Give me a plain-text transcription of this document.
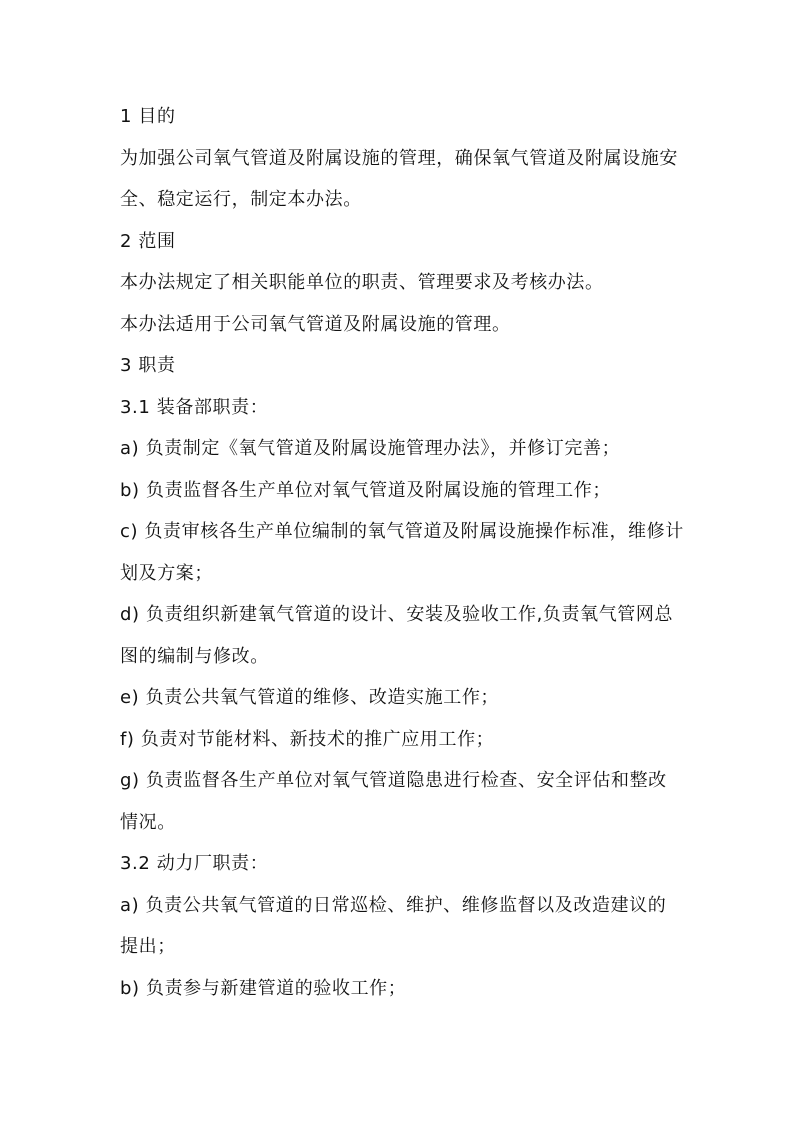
1 目的
为加强公司氧气管道及附属设施的管理，确保氧气管道及附属设施安
全、稳定运行，制定本办法。
2 范围
本办法规定了相关职能单位的职责、管理要求及考核办法。
本办法适用于公司氧气管道及附属设施的管理。
3 职责
3.1 装备部职责：
a) 负责制定《氧气管道及附属设施管理办法》，并修订完善；
b) 负责监督各生产单位对氧气管道及附属设施的管理工作；
c) 负责审核各生产单位编制的氧气管道及附属设施操作标准，维修计
划及方案；
d) 负责组织新建氧气管道的设计、安装及验收工作,负责氧气管网总
图的编制与修改。
e) 负责公共氧气管道的维修、改造实施工作；
f) 负责对节能材料、新技术的推广应用工作；
g) 负责监督各生产单位对氧气管道隐患进行检查、安全评估和整改
情况。
3.2 动力厂职责：
a) 负责公共氧气管道的日常巡检、维护、维修监督以及改造建议的
提出；
b) 负责参与新建管道的验收工作；
